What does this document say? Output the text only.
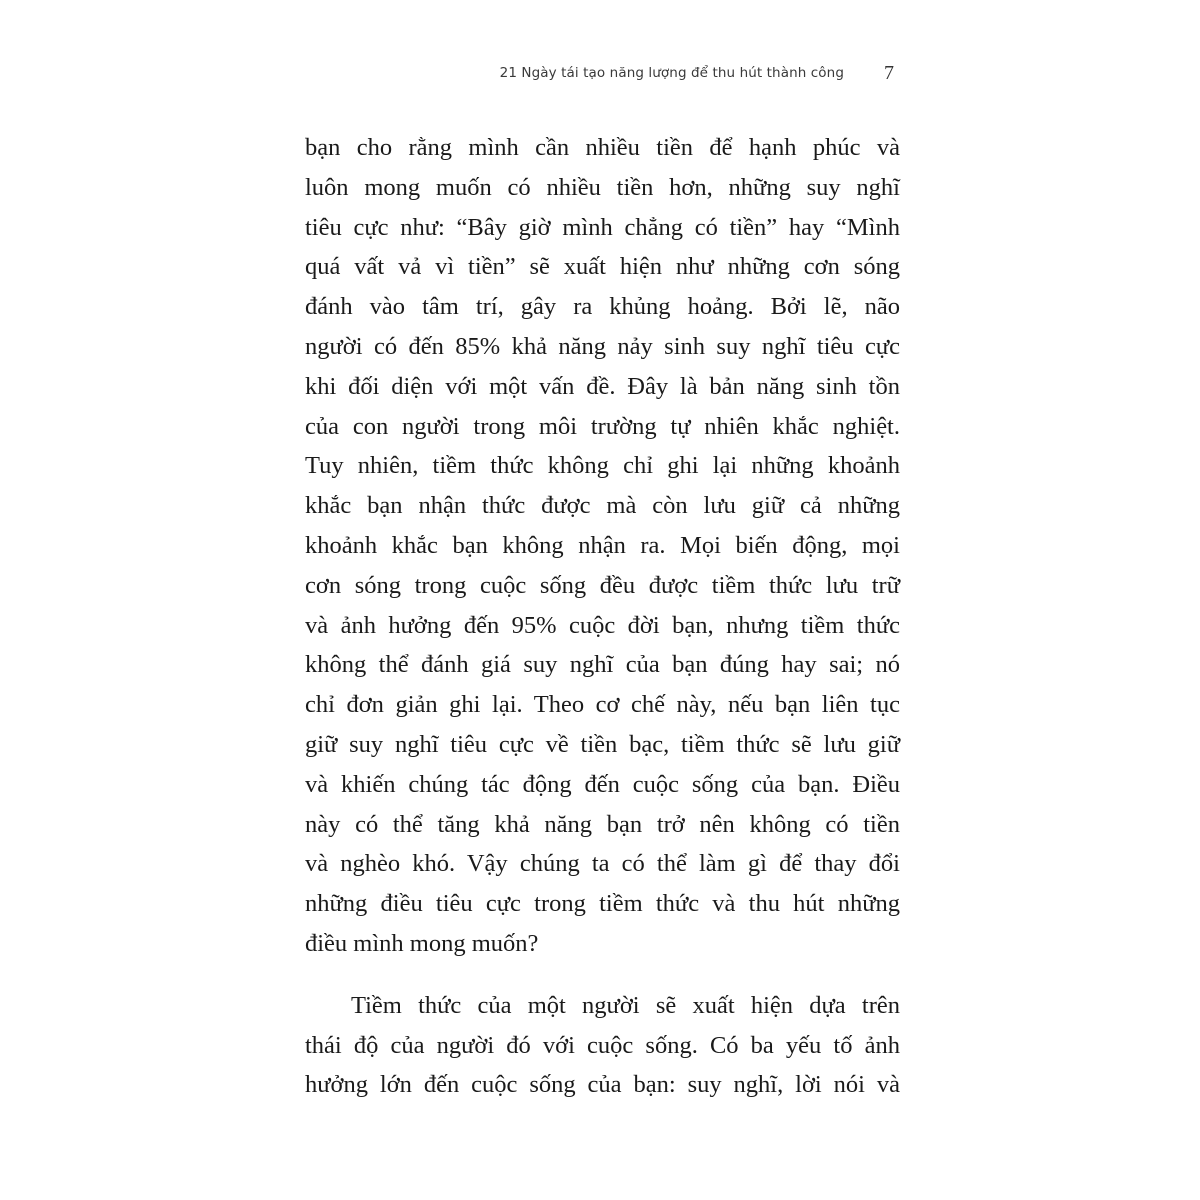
21 Ngày tái tạo năng lượng để thu hút thành công 7
bạn cho rằng mình cần nhiều tiền để hạnh phúc và
luôn mong muốn có nhiều tiền hơn, những suy nghĩ
tiêu cực như: “Bây giờ mình chẳng có tiền” hay “Mình
quá vất vả vì tiền” sẽ xuất hiện như những cơn sóng
đánh vào tâm trí, gây ra khủng hoảng. Bởi lẽ, não
người có đến 85% khả năng nảy sinh suy nghĩ tiêu cực
khi đối diện với một vấn đề. Đây là bản năng sinh tồn
của con người trong môi trường tự nhiên khắc nghiệt.
Tuy nhiên, tiềm thức không chỉ ghi lại những khoảnh
khắc bạn nhận thức được mà còn lưu giữ cả những
khoảnh khắc bạn không nhận ra. Mọi biến động, mọi
cơn sóng trong cuộc sống đều được tiềm thức lưu trữ
và ảnh hưởng đến 95% cuộc đời bạn, nhưng tiềm thức
không thể đánh giá suy nghĩ của bạn đúng hay sai; nó
chỉ đơn giản ghi lại. Theo cơ chế này, nếu bạn liên tục
giữ suy nghĩ tiêu cực về tiền bạc, tiềm thức sẽ lưu giữ
và khiến chúng tác động đến cuộc sống của bạn. Điều
này có thể tăng khả năng bạn trở nên không có tiền
và nghèo khó. Vậy chúng ta có thể làm gì để thay đổi
những điều tiêu cực trong tiềm thức và thu hút những
điều mình mong muốn?
Tiềm thức của một người sẽ xuất hiện dựa trên
thái độ của người đó với cuộc sống. Có ba yếu tố ảnh
hưởng lớn đến cuộc sống của bạn: suy nghĩ, lời nói và
